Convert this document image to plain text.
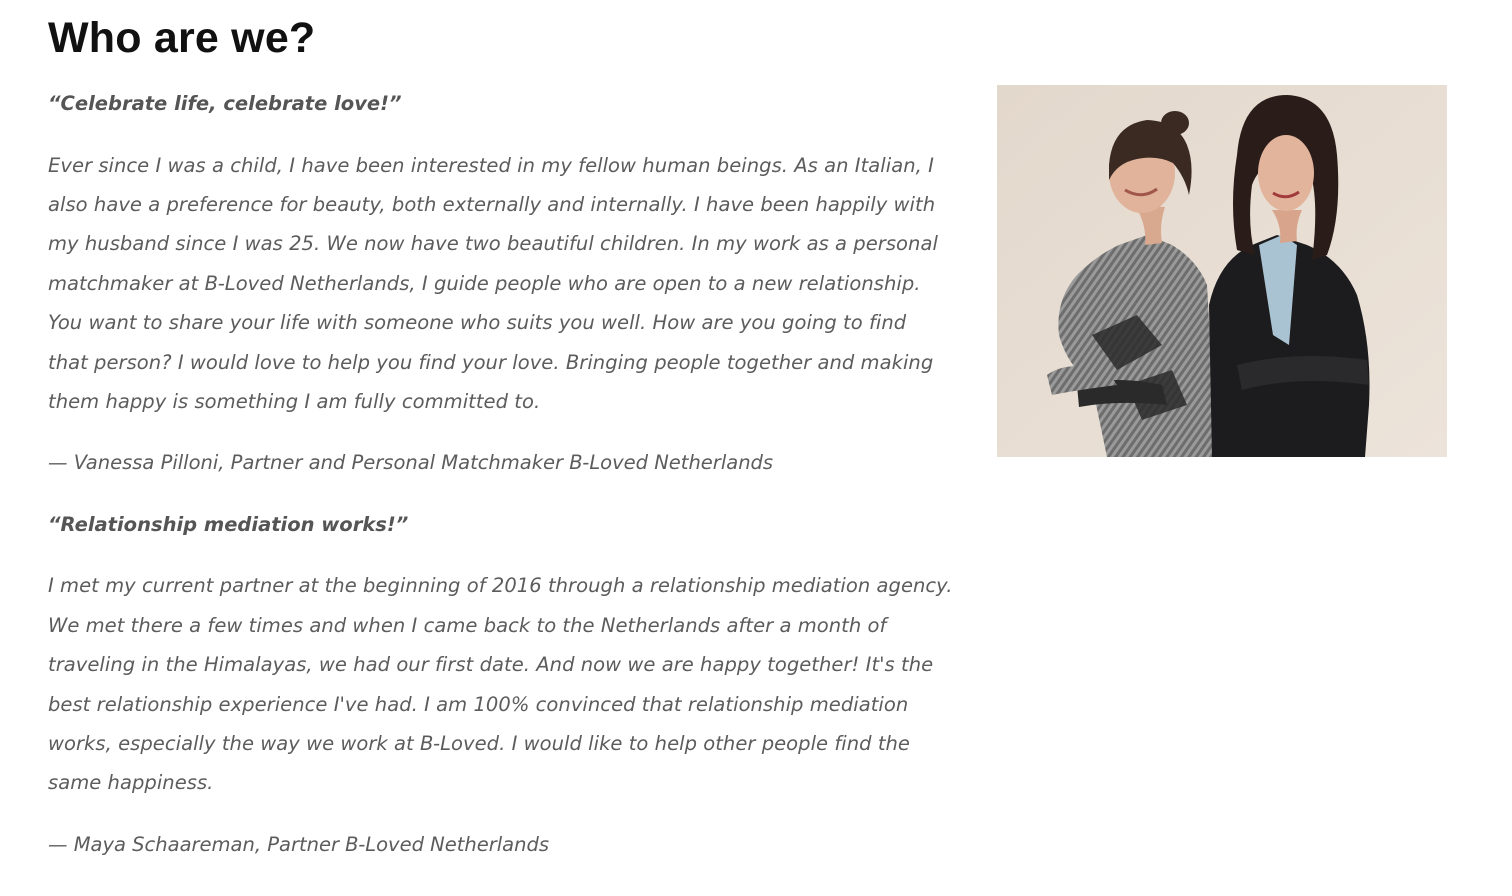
Who are we?

“Celebrate life, celebrate love!”

Ever since I was a child, I have been interested in my fellow human beings. As an Italian, I
also have a preference for beauty, both externally and internally. I have been happily with
my husband since I was 25. We now have two beautiful children. In my work as a personal
matchmaker at B-Loved Netherlands, I guide people who are open to a new relationship.
You want to share your life with someone who suits you well. How are you going to find
that person? I would love to help you find your love. Bringing people together and making
them happy is something I am fully committed to.

— Vanessa Pilloni, Partner and Personal Matchmaker B-Loved Netherlands

“Relationship mediation works!”

I met my current partner at the beginning of 2016 through a relationship mediation agency.
We met there a few times and when I came back to the Netherlands after a month of
traveling in the Himalayas, we had our first date. And now we are happy together! It's the
best relationship experience I've had. I am 100% convinced that relationship mediation
works, especially the way we work at B-Loved. I would like to help other people find the
same happiness.

— Maya Schaareman, Partner B-Loved Netherlands
